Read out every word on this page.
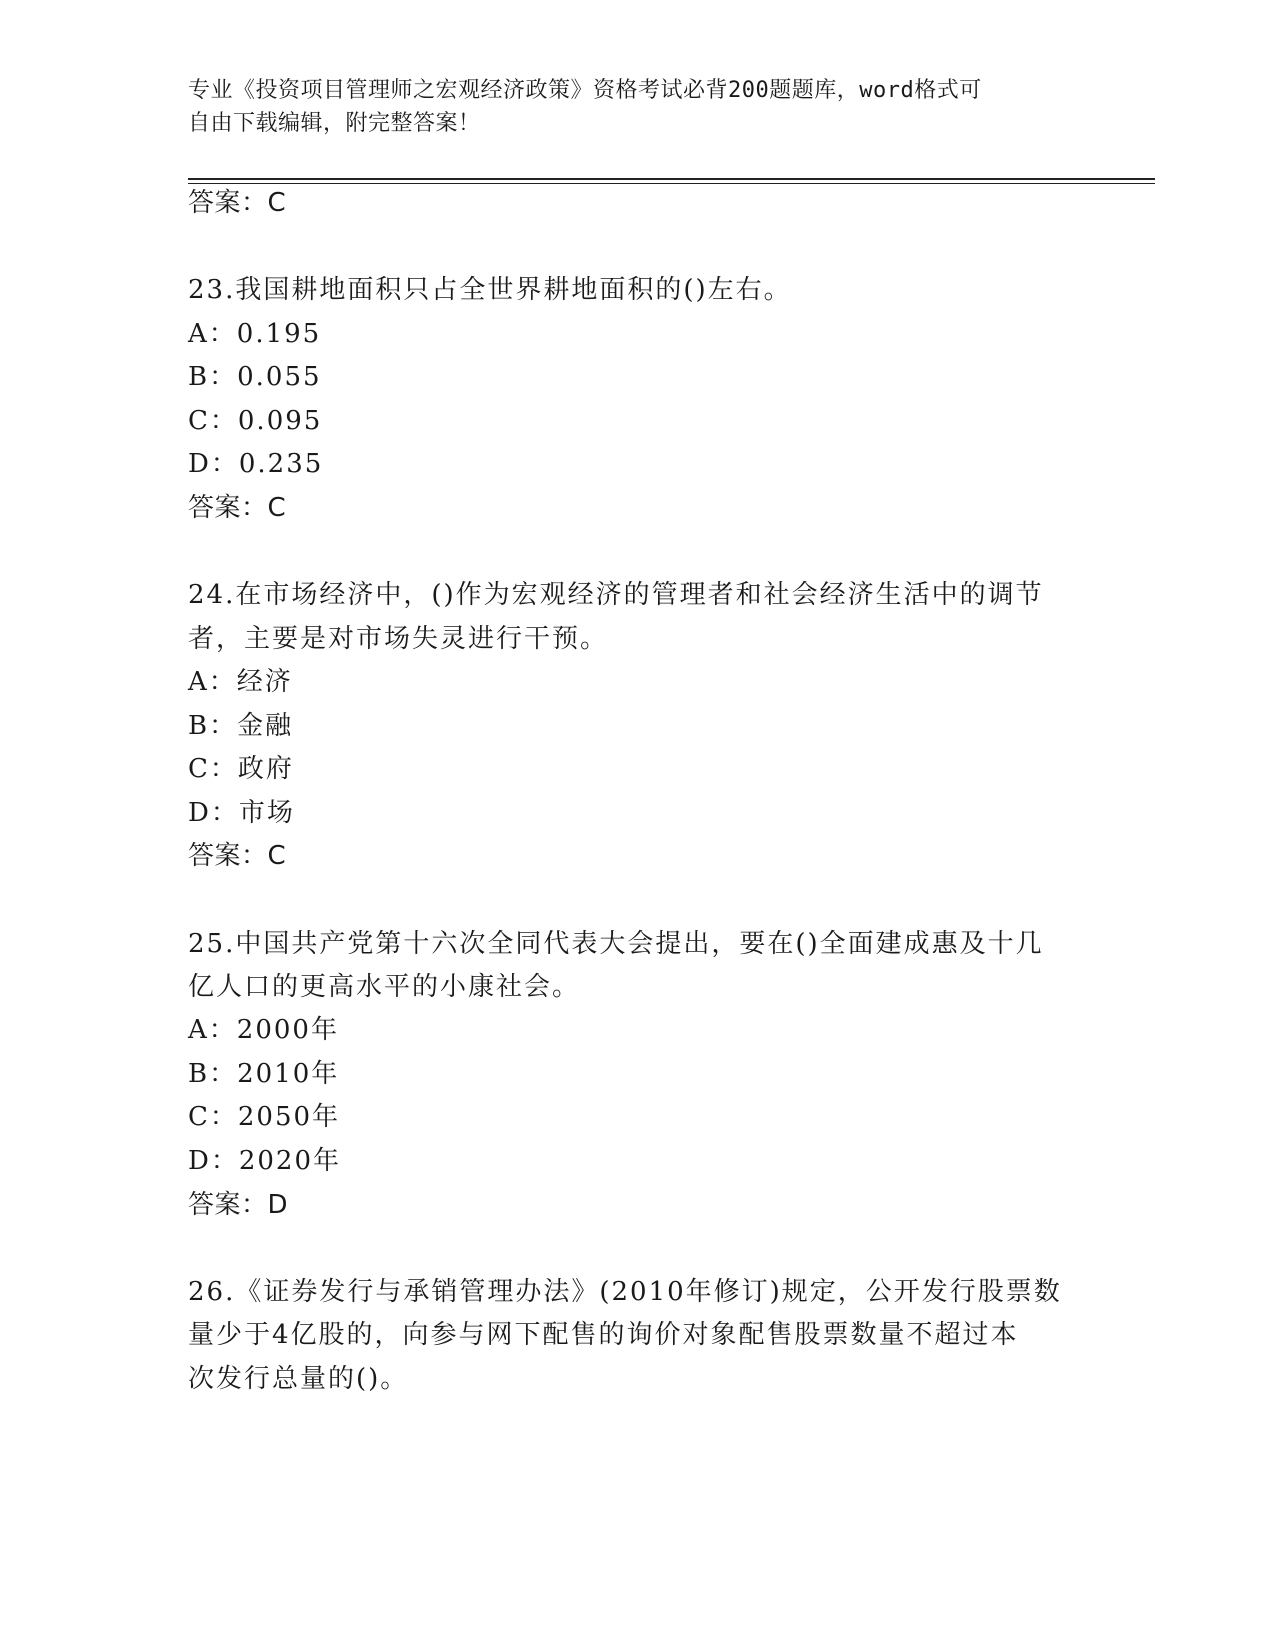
专业《投资项目管理师之宏观经济政策》资格考试必背200题题库，word格式可
自由下载编辑，附完整答案！
答案：C
23.我国耕地面积只占全世界耕地面积的()左右。
A：0.195
B：0.055
C：0.095
D：0.235
答案：C
24.在市场经济中，()作为宏观经济的管理者和社会经济生活中的调节
者，主要是对市场失灵进行干预。
A：经济
B：金融
C：政府
D：市场
答案：C
25.中国共产党第十六次全同代表大会提出，要在()全面建成惠及十几
亿人口的更高水平的小康社会。
A：2000年
B：2010年
C：2050年
D：2020年
答案：D
26.《证券发行与承销管理办法》(2010年修订)规定，公开发行股票数
量少于4亿股的，向参与网下配售的询价对象配售股票数量不超过本
次发行总量的()。
